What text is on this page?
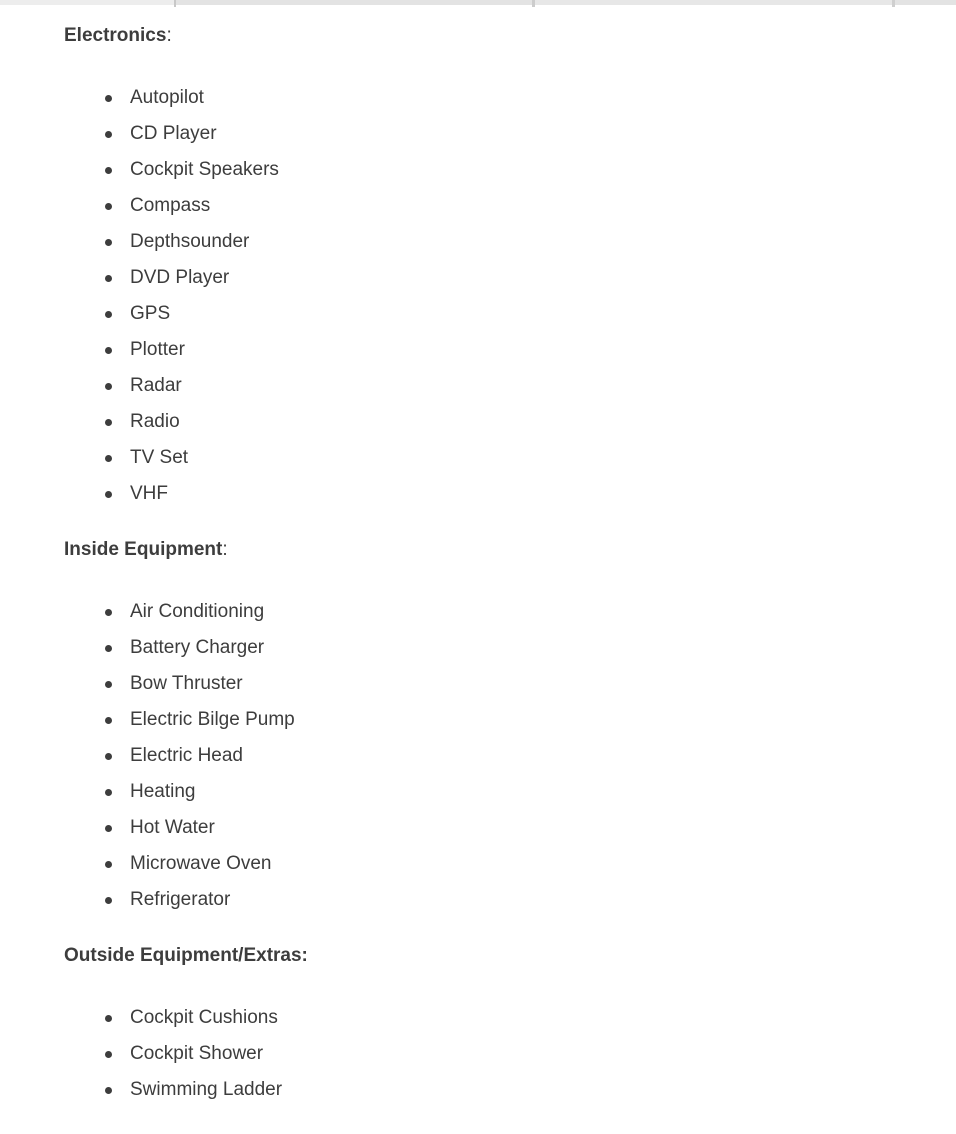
Electronics:
Autopilot
CD Player
Cockpit Speakers
Compass
Depthsounder
DVD Player
GPS
Plotter
Radar
Radio
TV Set
VHF
Inside Equipment:
Air Conditioning
Battery Charger
Bow Thruster
Electric Bilge Pump
Electric Head
Heating
Hot Water
Microwave Oven
Refrigerator
Outside Equipment/Extras:
Cockpit Cushions
Cockpit Shower
Swimming Ladder
